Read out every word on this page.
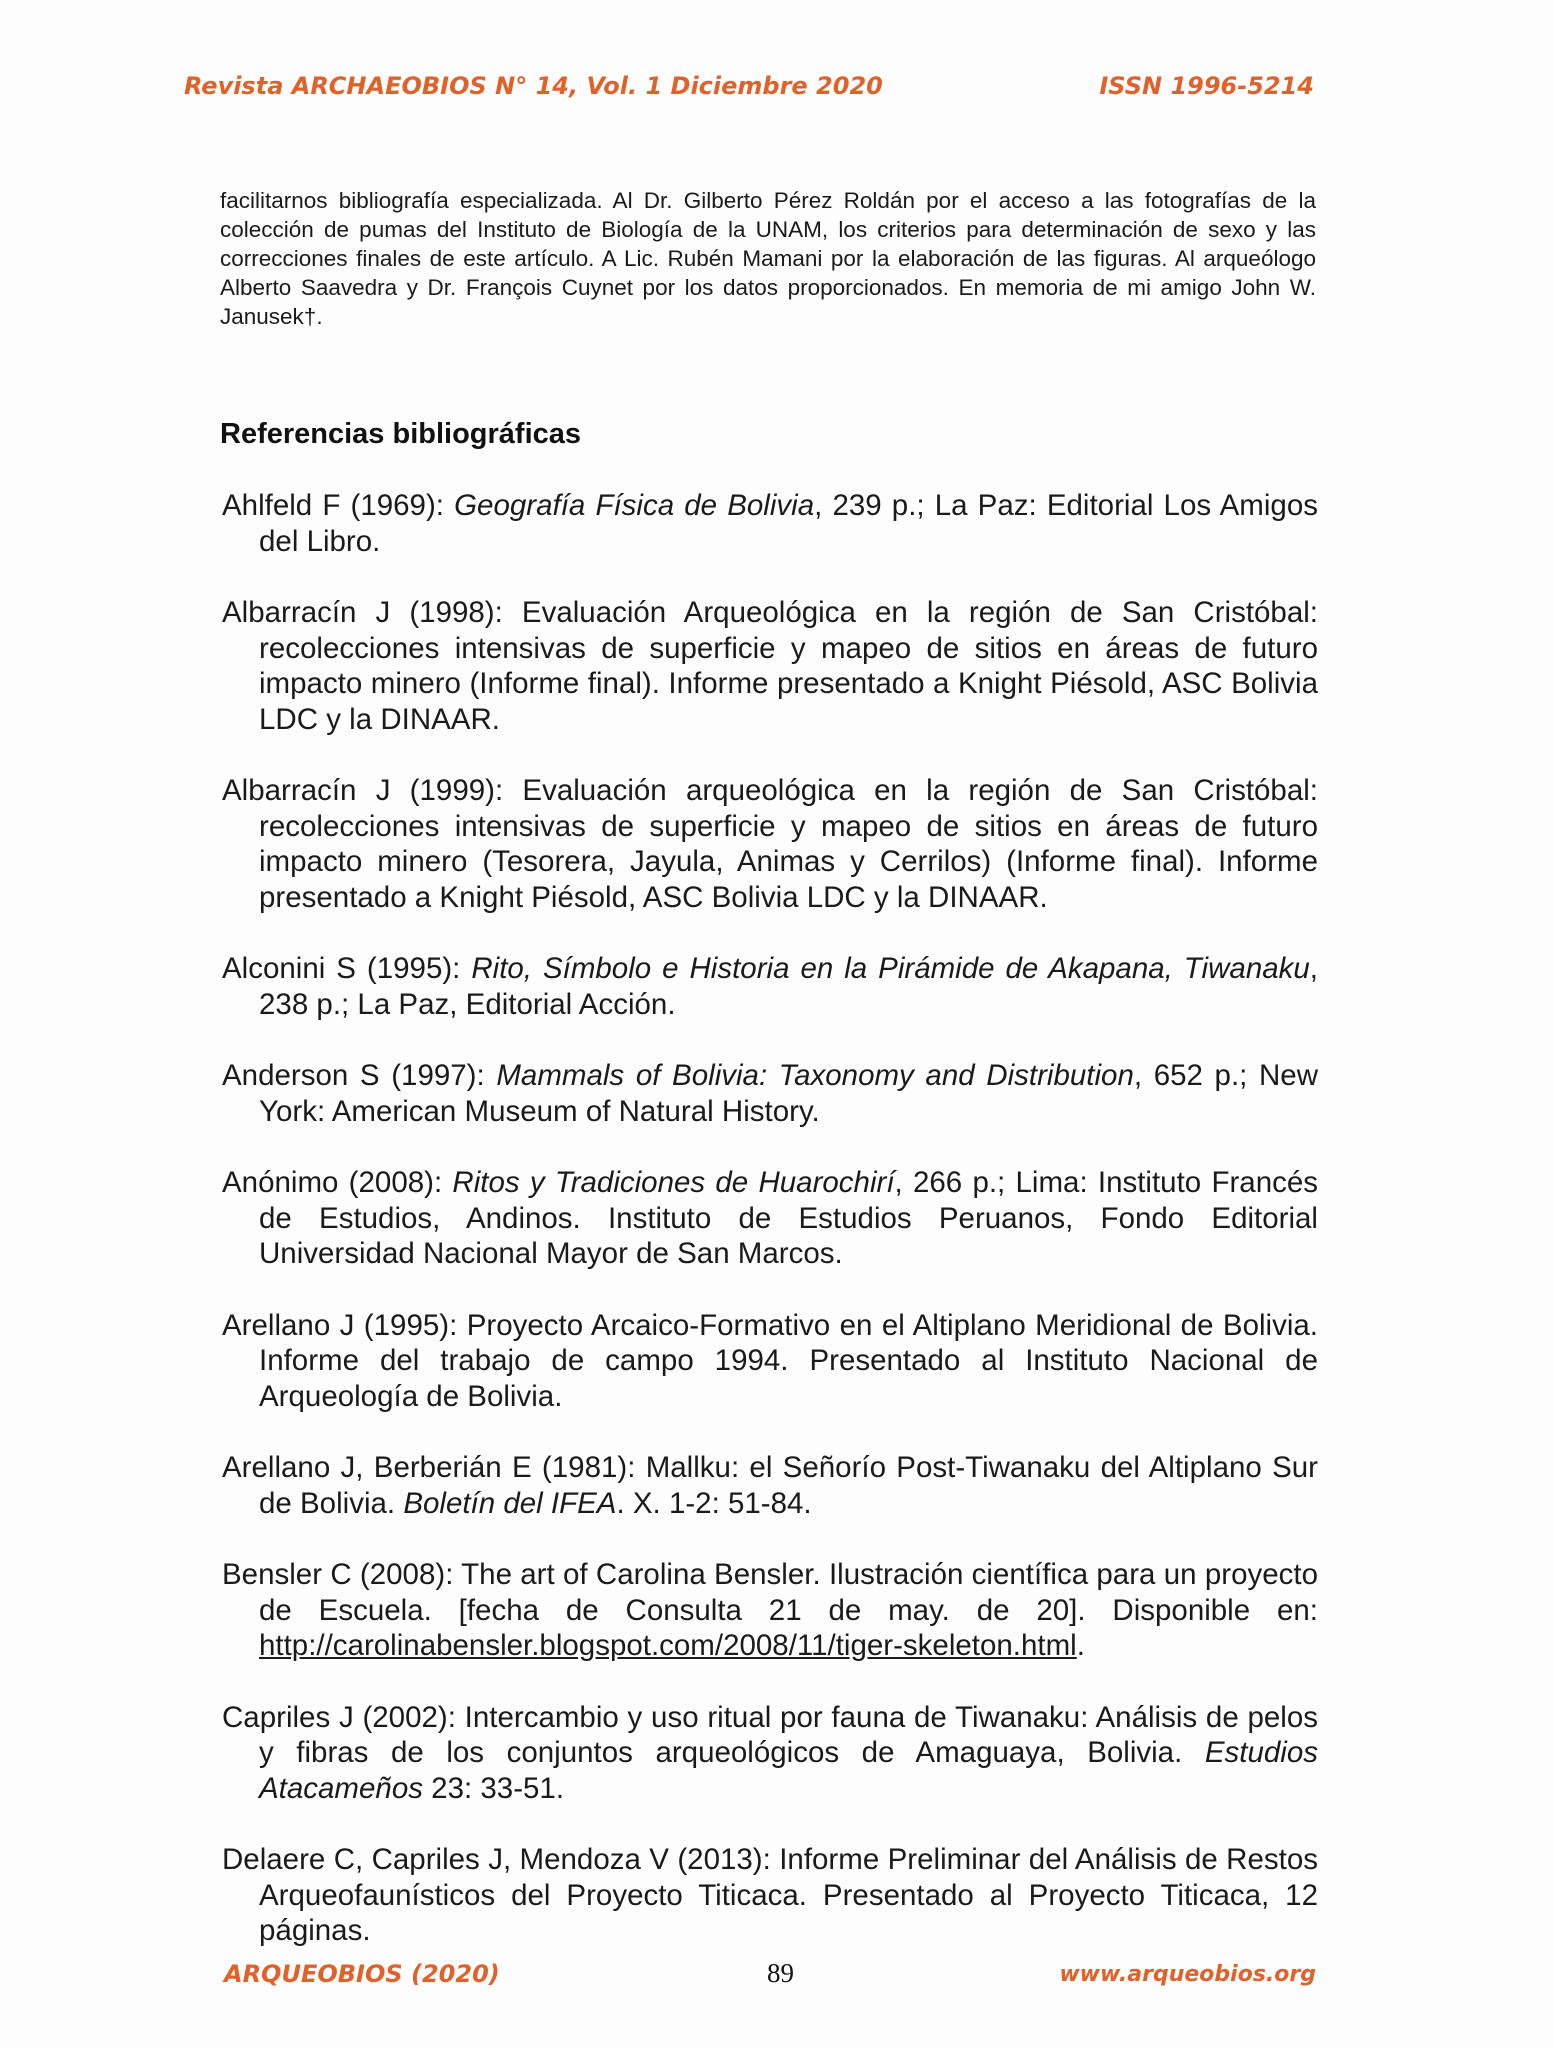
Revista ARCHAEOBIOS N° 14, Vol. 1 Diciembre 2020	ISSN 1996-5214

facilitarnos bibliografía especializada. Al Dr. Gilberto Pérez Roldán por el acceso a las fotografías de la colección de pumas del Instituto de Biología de la UNAM, los criterios para determinación de sexo y las correcciones finales de este artículo. A Lic. Rubén Mamani por la elaboración de las figuras. Al arqueólogo Alberto Saavedra y Dr. François Cuynet por los datos proporcionados. En memoria de mi amigo John W. Janusek†.

Referencias bibliográficas

Ahlfeld F (1969): Geografía Física de Bolivia, 239 p.; La Paz: Editorial Los Amigos del Libro.

Albarracín J (1998): Evaluación Arqueológica en la región de San Cristóbal: recolecciones intensivas de superficie y mapeo de sitios en áreas de futuro impacto minero (Informe final). Informe presentado a Knight Piésold, ASC Bolivia LDC y la DINAAR.

Albarracín J (1999): Evaluación arqueológica en la región de San Cristóbal: recolecciones intensivas de superficie y mapeo de sitios en áreas de futuro impacto minero (Tesorera, Jayula, Animas y Cerrilos) (Informe final). Informe presentado a Knight Piésold, ASC Bolivia LDC y la DINAAR.

Alconini S (1995): Rito, Símbolo e Historia en la Pirámide de Akapana, Tiwanaku, 238 p.; La Paz, Editorial Acción.

Anderson S (1997): Mammals of Bolivia: Taxonomy and Distribution, 652 p.; New York: American Museum of Natural History.

Anónimo (2008): Ritos y Tradiciones de Huarochirí, 266 p.; Lima: Instituto Francés de Estudios, Andinos. Instituto de Estudios Peruanos, Fondo Editorial Universidad Nacional Mayor de San Marcos.

Arellano J (1995): Proyecto Arcaico-Formativo en el Altiplano Meridional de Bolivia. Informe del trabajo de campo 1994. Presentado al Instituto Nacional de Arqueología de Bolivia.

Arellano J, Berberián E (1981): Mallku: el Señorío Post-Tiwanaku del Altiplano Sur de Bolivia. Boletín del IFEA. X. 1-2: 51-84.

Bensler C (2008): The art of Carolina Bensler. Ilustración científica para un proyecto de Escuela. [fecha de Consulta 21 de may. de 20]. Disponible en: http://carolinabensler.blogspot.com/2008/11/tiger-skeleton.html.

Capriles J (2002): Intercambio y uso ritual por fauna de Tiwanaku: Análisis de pelos y fibras de los conjuntos arqueológicos de Amaguaya, Bolivia. Estudios Atacameños 23: 33-51.

Delaere C, Capriles J, Mendoza V (2013): Informe Preliminar del Análisis de Restos Arqueofaunísticos del Proyecto Titicaca. Presentado al Proyecto Titicaca, 12 páginas.

ARQUEOBIOS (2020)	89	www.arqueobios.org
